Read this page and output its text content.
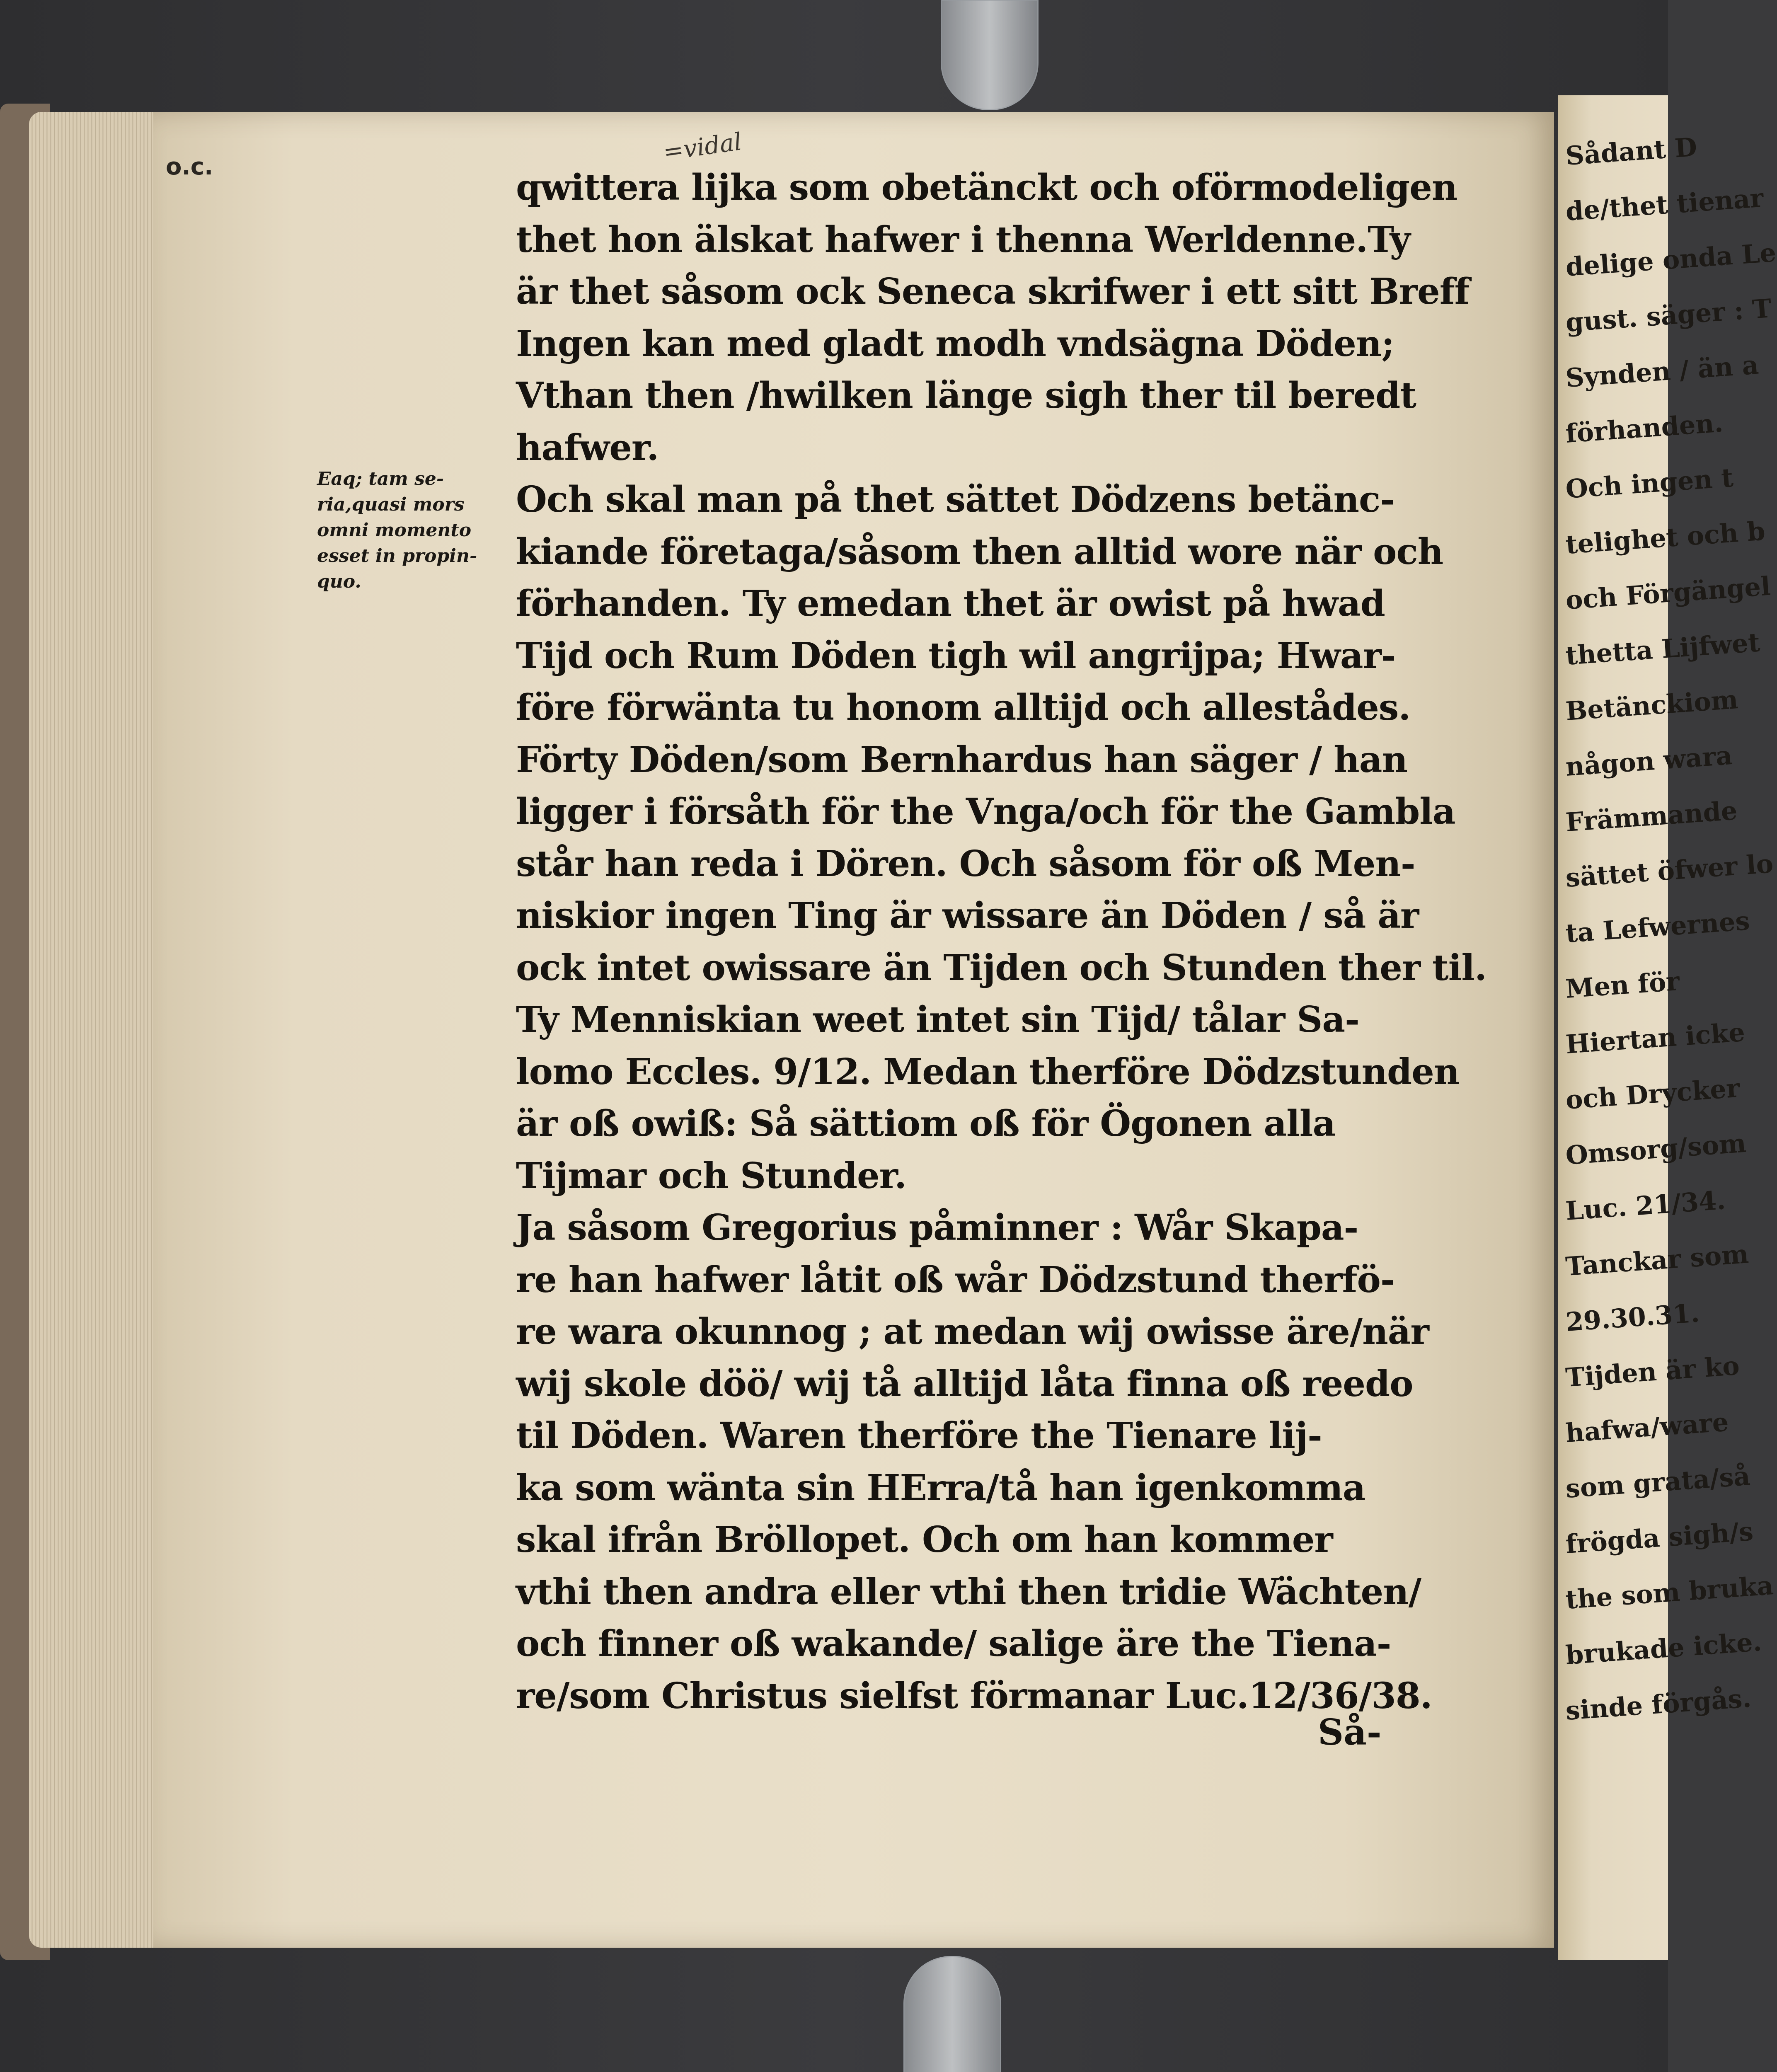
Sådant D
de/thet tienar
delige onda Le
gust. säger : T
Synden / än a
förhanden.
Och ingen t
telighet och b
och Förgängel
thetta Lijfwet
Betänckiom
någon wara
Främmande
sättet öfwer lo
ta Lefwernes
Men för
Hiertan icke
och Drycker
Omsorg/som
Luc. 21/34.
Tanckar som
29.30.31.
Tijden är ko
hafwa/ware
som grata/så
frögda sigh/s
the som bruka
brukade icke.
sinde förgås.
o.c.
=vidal
Eaq; tam se-
ria,quasi mors
omni momento
esset in propin-
quo.
qwittera lijka som obetänckt och oförmodeligen
thet hon älskat hafwer i thenna Werldenne.Ty
är thet såsom ock Seneca skrifwer i ett sitt Breff
Ingen kan med gladt modh vndsägna Döden;
Vthan then /hwilken länge sigh ther til beredt
hafwer.
Och skal man på thet sättet Dödzens betänc-
kiande företaga/såsom then alltid wore när och
förhanden. Ty emedan thet är owist på hwad
Tijd och Rum Döden tigh wil angrijpa; Hwar-
före förwänta tu honom alltijd och allestådes.
Förty Döden/som Bernhardus han säger / han
ligger i försåth för the Vnga/och för the Gambla
står han reda i Dören. Och såsom för oß Men-
niskior ingen Ting är wissare än Döden / så är
ock intet owissare än Tijden och Stunden ther til.
Ty Menniskian weet intet sin Tijd/ tålar Sa-
lomo Eccles. 9/12. Medan therföre Dödzstunden
är oß owiß: Så sättiom oß för Ögonen alla
Tijmar och Stunder.
Ja såsom Gregorius påminner : Wår Skapa-
re han hafwer låtit oß wår Dödzstund therfö-
re wara okunnog ; at medan wij owisse äre/när
wij skole döö/ wij tå alltijd låta finna oß reedo
til Döden. Waren therföre the Tienare lij-
ka som wänta sin HErra/tå han igenkomma
skal ifrån Bröllopet. Och om han kommer
vthi then andra eller vthi then tridie Wächten/
och finner oß wakande/ salige äre the Tiena-
re/som Christus sielfst förmanar Luc.12/36/38.
Så-
